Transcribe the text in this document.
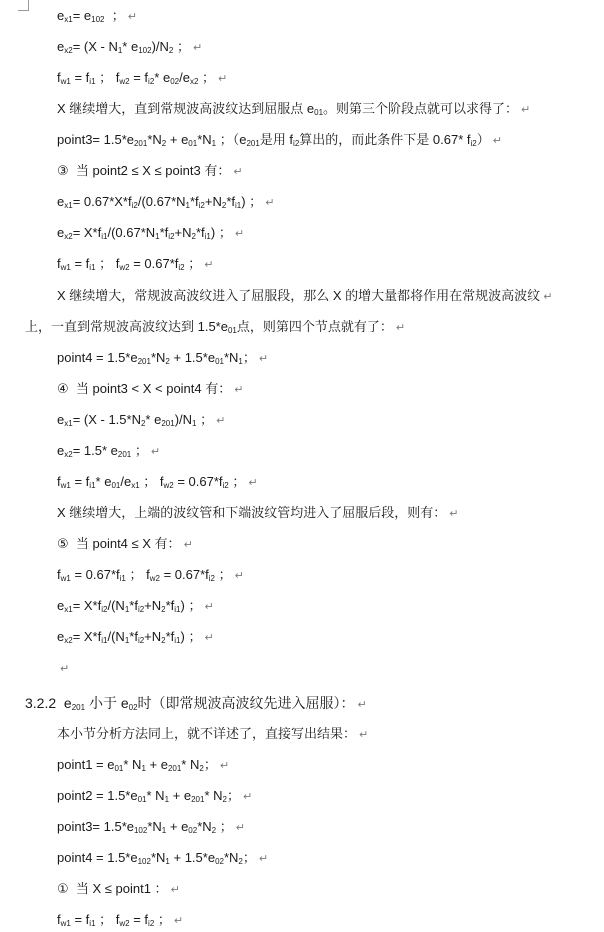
$e_{x1}= e_{102}$  ； ↵
$e_{x2}= (X - N_1*$ $e_{102})/N_2$ ； ↵
$f_{w1} = f_{i1}$ ； $f_{w2} = f_{i2}*$ $e_{02}/e_{x2}$ ； ↵
X 继续增大，直到常规波高波纹达到屈服点 $e_{01}$。则第三个阶段点就可以求得了： ↵
point3= $1.5*e_{201}*N_2 + e_{01}*N_1$ ；（$e_{201}$是用 $f_{i2}$算出的，而此条件下是 0.67* $f_{i2}$） ↵
③  当 point2 ≤ X ≤ point3 有： ↵
$e_{x1}= 0.67*X*f_{i2}/(0.67*N_1*f_{i2}+N_2*f_{i1})$ ； ↵
$e_{x2}= X*f_{i1}/(0.67*N_1*f_{i2}+N_2*f_{i1})$ ； ↵
$f_{w1} = f_{i1}$ ； $f_{w2} = 0.67*f_{i2}$ ； ↵
X 继续增大，常规波高波纹进入了屈服段，那么 X 的增大量都将作用在常规波高波纹 ↵
上，一直到常规波高波纹达到 $1.5*e_{01}$点，则第四个节点就有了： ↵
point4 = $1.5*e_{201}*N_2 + 1.5*e_{01}*N_1$； ↵
④  当 point3 < X < point4 有： ↵
$e_{x1}= (X - 1.5*N_2*$ $e_{201})/N_1$ ； ↵
$e_{x2}= 1.5*$ $e_{201}$ ； ↵
$f_{w1} = f_{i1}*$ $e_{01}/e_{x1}$ ； $f_{w2} = 0.67*f_{i2}$ ； ↵
X 继续增大，上端的波纹管和下端波纹管均进入了屈服后段，则有： ↵
⑤  当 point4 ≤ X 有： ↵
$f_{w1} = 0.67*f_{i1}$ ； $f_{w2} = 0.67*f_{i2}$ ； ↵
$e_{x1}= X*f_{i2}/(N_1*f_{i2}+N_2*f_{i1})$ ； ↵
$e_{x2}= X*f_{i1}/(N_1*f_{i2}+N_2*f_{i1})$ ； ↵
↵
3.2.2  $e_{201}$ 小于 $e_{02}$时（即常规波高波纹先进入屈服）： ↵
本小节分析方法同上，就不详述了，直接写出结果： ↵
point1 = $e_{01}*$ $N_1 + e_{201}*$ $N_2$； ↵
point2 = $1.5*e_{01}*$ $N_1 + e_{201}*$ $N_2$； ↵
point3= $1.5*e_{102}*N_1 + e_{02}*N_2$ ； ↵
point4 = $1.5*e_{102}*N_1 + 1.5*e_{02}*N_2$； ↵
①  当 X ≤ point1 ： ↵
$f_{w1} = f_{i1}$ ； $f_{w2} = f_{i2}$ ； ↵
